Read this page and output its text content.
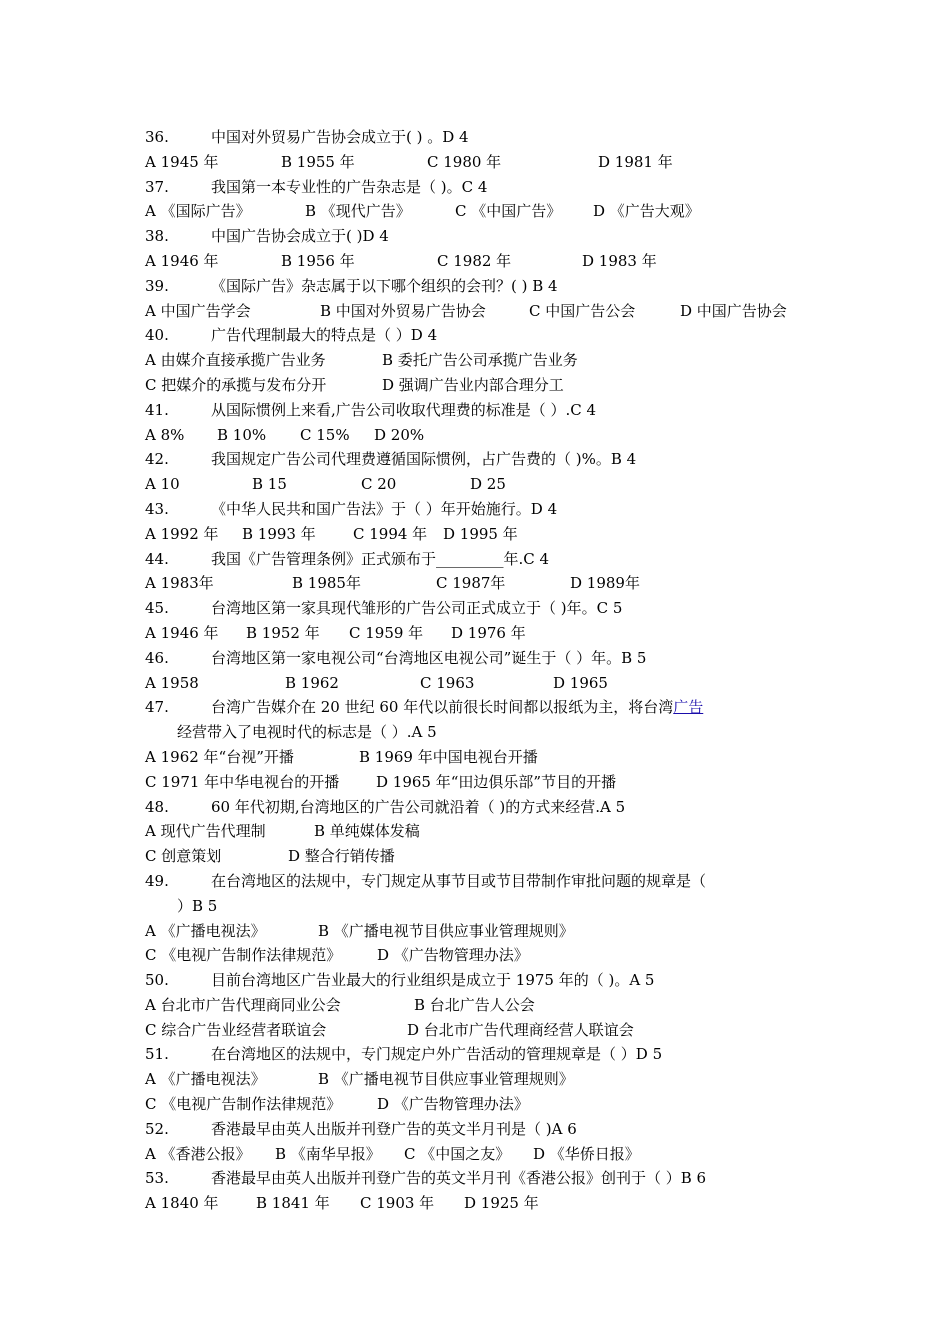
36.	中国对外贸易广告协会成立于( ) 。D 4
A 1945 年	B 1955 年	C 1980 年	D 1981 年
37.	我国第一本专业性的广告杂志是（ )。C 4
A 《国际广告》	B 《现代广告》	C 《中国广告》 D 《广告大观》
38.	中国广告协会成立于( )D 4
A 1946 年	B 1956 年	C 1982 年	D 1983 年
39.	《国际广告》杂志属于以下哪个组织的会刊？( ) B 4
A 中国广告学会	B 中国对外贸易广告协会	C 中国广告公会	D 中国广告协会
40.	广告代理制最大的特点是（ ）D 4
A 由媒介直接承揽广告业务	B 委托广告公司承揽广告业务
C 把媒介的承揽与发布分开	D 强调广告业内部合理分工
41.	从国际惯例上来看,广告公司收取代理费的标准是（ ）.C 4
A 8% B 10% C 15% D 20%
42.	我国规定广告公司代理费遵循国际惯例，占广告费的（ )%。B 4
A 10	B 15	C 20	D 25
43.	《中华人民共和国广告法》于（ ）年开始施行。D 4
A 1992 年 B 1993 年 C 1994 年 D 1995 年
44.	我国《广告管理条例》正式颁布于_________年.C 4
A 1983年	B 1985年	C 1987年	D 1989年
45.	台湾地区第一家具现代雏形的广告公司正式成立于（ )年。C 5
A 1946 年 B 1952 年 C 1959 年 D 1976 年
46.	台湾地区第一家电视公司“台湾地区电视公司”诞生于（ ）年。B 5
A 1958	B 1962	C 1963	D 1965
47.	台湾广告媒介在 20 世纪 60 年代以前很长时间都以报纸为主，将台湾广告
经营带入了电视时代的标志是（ ）.A 5
A 1962 年“台视”开播	B 1969 年中国电视台开播
C 1971 年中华电视台的开播 D 1965 年“田边俱乐部”节目的开播
48.	60 年代初期,台湾地区的广告公司就沿着（ )的方式来经营.A 5
A 现代广告代理制	B 单纯媒体发稿
C 创意策划	D 整合行销传播
49.	在台湾地区的法规中，专门规定从事节目或节目带制作审批问题的规章是（
）B 5
A 《广播电视法》	B 《广播电视节目供应事业管理规则》
C 《电视广告制作法律规范》 D 《广告物管理办法》
50.	目前台湾地区广告业最大的行业组织是成立于 1975 年的（ )。A 5
A 台北市广告代理商同业公会	B 台北广告人公会
C 综合广告业经营者联谊会	D 台北市广告代理商经营人联谊会
51.	在台湾地区的法规中，专门规定户外广告活动的管理规章是（ ）D 5
A 《广播电视法》	B 《广播电视节目供应事业管理规则》
C 《电视广告制作法律规范》 D 《广告物管理办法》
52.	香港最早由英人出版并刊登广告的英文半月刊是（ )A 6
A 《香港公报》 B 《南华早报》 C 《中国之友》 D 《华侨日报》
53.	香港最早由英人出版并刊登广告的英文半月刊《香港公报》创刊于（ ）B 6
A 1840 年 B 1841 年 C 1903 年 D 1925 年
